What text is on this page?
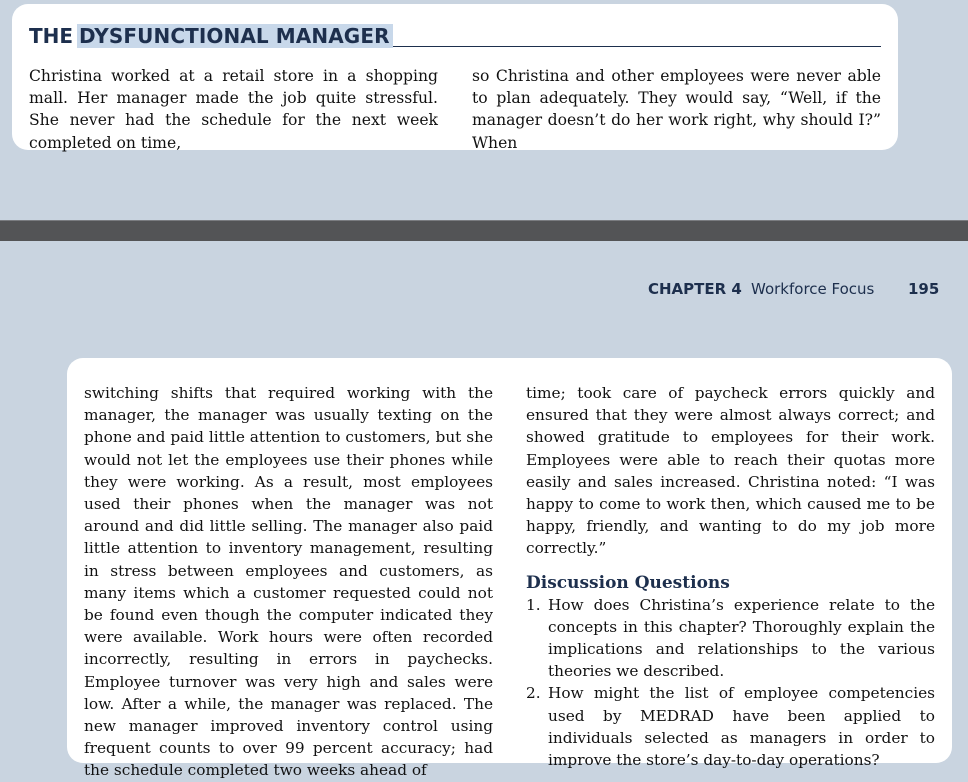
THE DYSFUNCTIONAL MANAGER
Christina worked at a retail store in a shopping mall. Her manager made the job quite stressful. She never had the schedule for the next week completed on time,
so Christina and other employees were never able to plan adequately. They would say, “Well, if the manager doesn’t do her work right, why should I?” When
CHAPTER 4 Workforce Focus 195
switching shifts that required working with the manager, the manager was usually texting on the phone and paid little attention to customers, but she would not let the employees use their phones while they were working. As a result, most employees used their phones when the manager was not around and did little selling. The manager also paid little attention to inventory management, resulting in stress between employees and customers, as many items which a customer requested could not be found even though the computer indicated they were available. Work hours were often recorded incorrectly, resulting in errors in paychecks. Employee turnover was very high and sales were low. After a while, the manager was replaced. The new manager improved inventory control using frequent counts to over 99 percent accuracy; had the schedule completed two weeks ahead of
time; took care of paycheck errors quickly and ensured that they were almost always correct; and showed gratitude to employees for their work. Employees were able to reach their quotas more easily and sales increased. Christina noted: “I was happy to come to work then, which caused me to be happy, friendly, and wanting to do my job more correctly.”
Discussion Questions
1. How does Christina’s experience relate to the concepts in this chapter? Thoroughly explain the implications and relationships to the various theories we described.
2. How might the list of employee competencies used by MEDRAD have been applied to individuals selected as managers in order to improve the store’s day-to-day operations?
